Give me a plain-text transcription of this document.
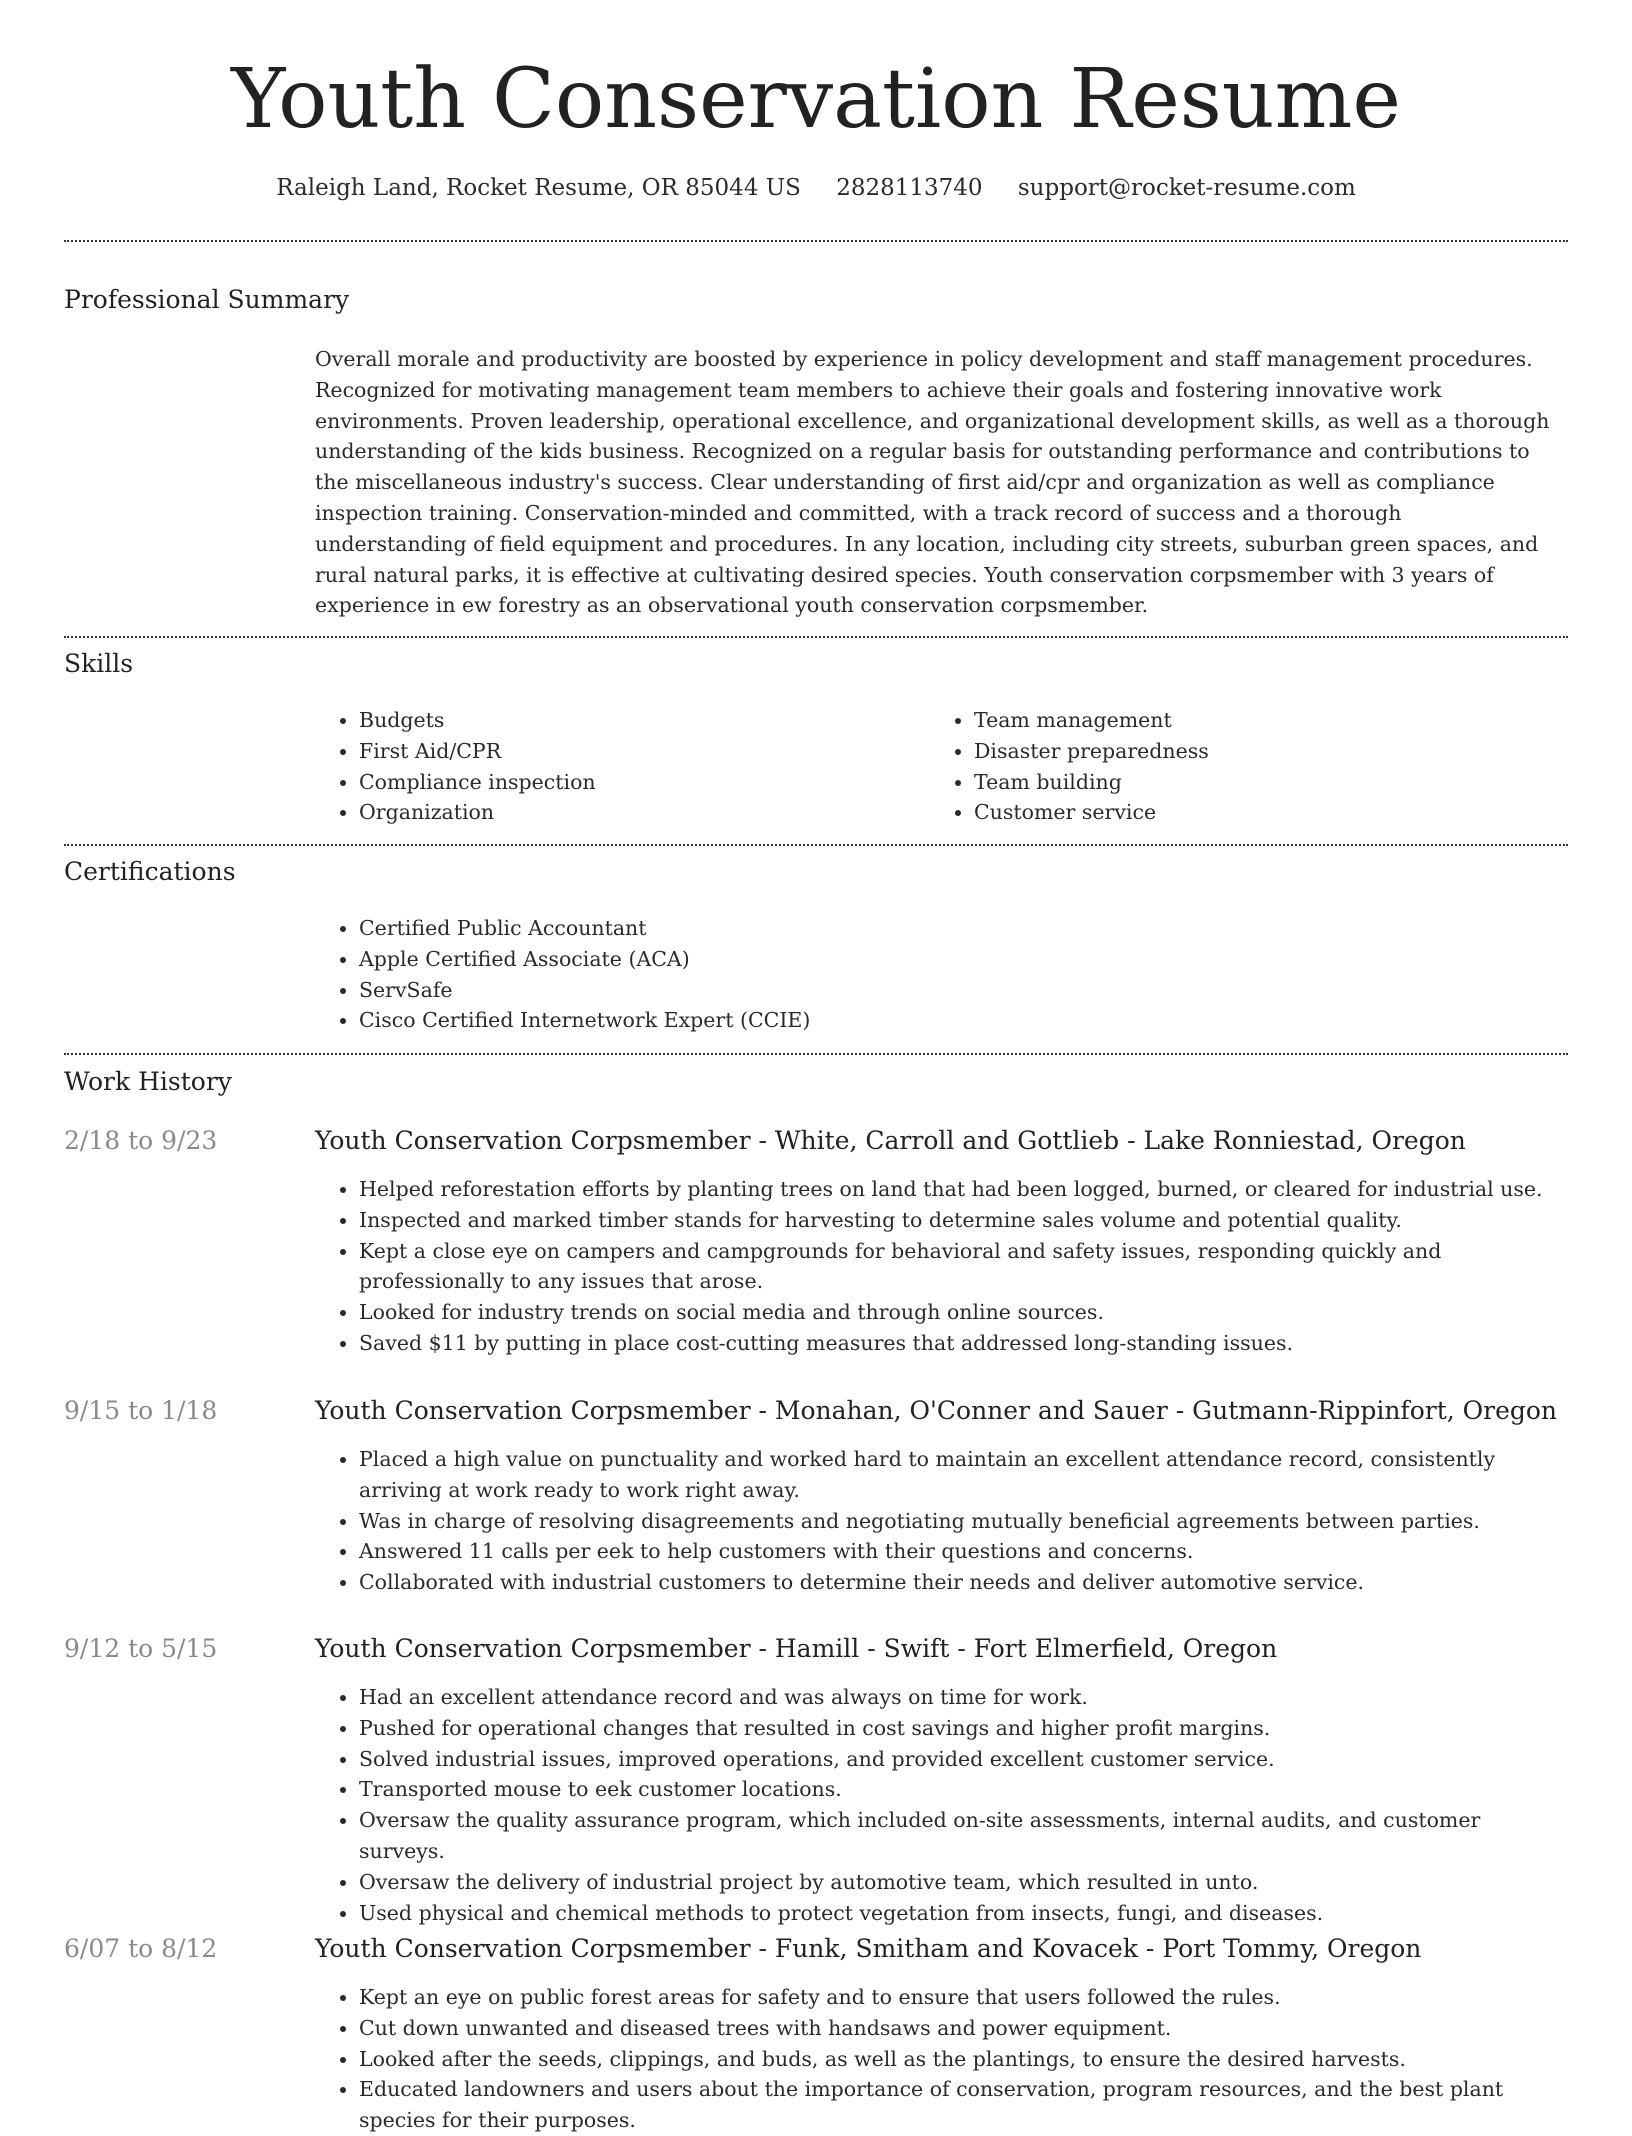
Youth Conservation Resume
Raleigh Land, Rocket Resume, OR 85044 US 2828113740 support@rocket-resume.com
Professional Summary

Overall morale and productivity are boosted by experience in policy development and staff management procedures. Recognized for motivating management team members to achieve their goals and fostering innovative work environments. Proven leadership, operational excellence, and organizational development skills, as well as a thorough understanding of the kids business. Recognized on a regular basis for outstanding performance and contributions to the miscellaneous industry's success. Clear understanding of first aid/cpr and organization as well as compliance inspection training. Conservation-minded and committed, with a track record of success and a thorough understanding of field equipment and procedures. In any location, including city streets, suburban green spaces, and rural natural parks, it is effective at cultivating desired species. Youth conservation corpsmember with 3 years of experience in ew forestry as an observational youth conservation corpsmember.

Skills
• Budgets
• First Aid/CPR
• Compliance inspection
• Organization
• Team management
• Disaster preparedness
• Team building
• Customer service
Certifications
• Certified Public Accountant
• Apple Certified Associate (ACA)
• ServSafe
• Cisco Certified Internetwork Expert (CCIE)
Work History
2/18 to 9/23	Youth Conservation Corpsmember - White, Carroll and Gottlieb - Lake Ronniestad, Oregon
• Helped reforestation efforts by planting trees on land that had been logged, burned, or cleared for industrial use.
• Inspected and marked timber stands for harvesting to determine sales volume and potential quality.
• Kept a close eye on campers and campgrounds for behavioral and safety issues, responding quickly and professionally to any issues that arose.
• Looked for industry trends on social media and through online sources.
• Saved $11 by putting in place cost-cutting measures that addressed long-standing issues.
9/15 to 1/18	Youth Conservation Corpsmember - Monahan, O'Conner and Sauer - Gutmann-Rippinfort, Oregon
• Placed a high value on punctuality and worked hard to maintain an excellent attendance record, consistently arriving at work ready to work right away.
• Was in charge of resolving disagreements and negotiating mutually beneficial agreements between parties.
• Answered 11 calls per eek to help customers with their questions and concerns.
• Collaborated with industrial customers to determine their needs and deliver automotive service.
9/12 to 5/15	Youth Conservation Corpsmember - Hamill - Swift - Fort Elmerfield, Oregon
• Had an excellent attendance record and was always on time for work.
• Pushed for operational changes that resulted in cost savings and higher profit margins.
• Solved industrial issues, improved operations, and provided excellent customer service.
• Transported mouse to eek customer locations.
• Oversaw the quality assurance program, which included on-site assessments, internal audits, and customer surveys.
• Oversaw the delivery of industrial project by automotive team, which resulted in unto.
• Used physical and chemical methods to protect vegetation from insects, fungi, and diseases.
6/07 to 8/12	Youth Conservation Corpsmember - Funk, Smitham and Kovacek - Port Tommy, Oregon
• Kept an eye on public forest areas for safety and to ensure that users followed the rules.
• Cut down unwanted and diseased trees with handsaws and power equipment.
• Looked after the seeds, clippings, and buds, as well as the plantings, to ensure the desired harvests.
• Educated landowners and users about the importance of conservation, program resources, and the best plant species for their purposes.
